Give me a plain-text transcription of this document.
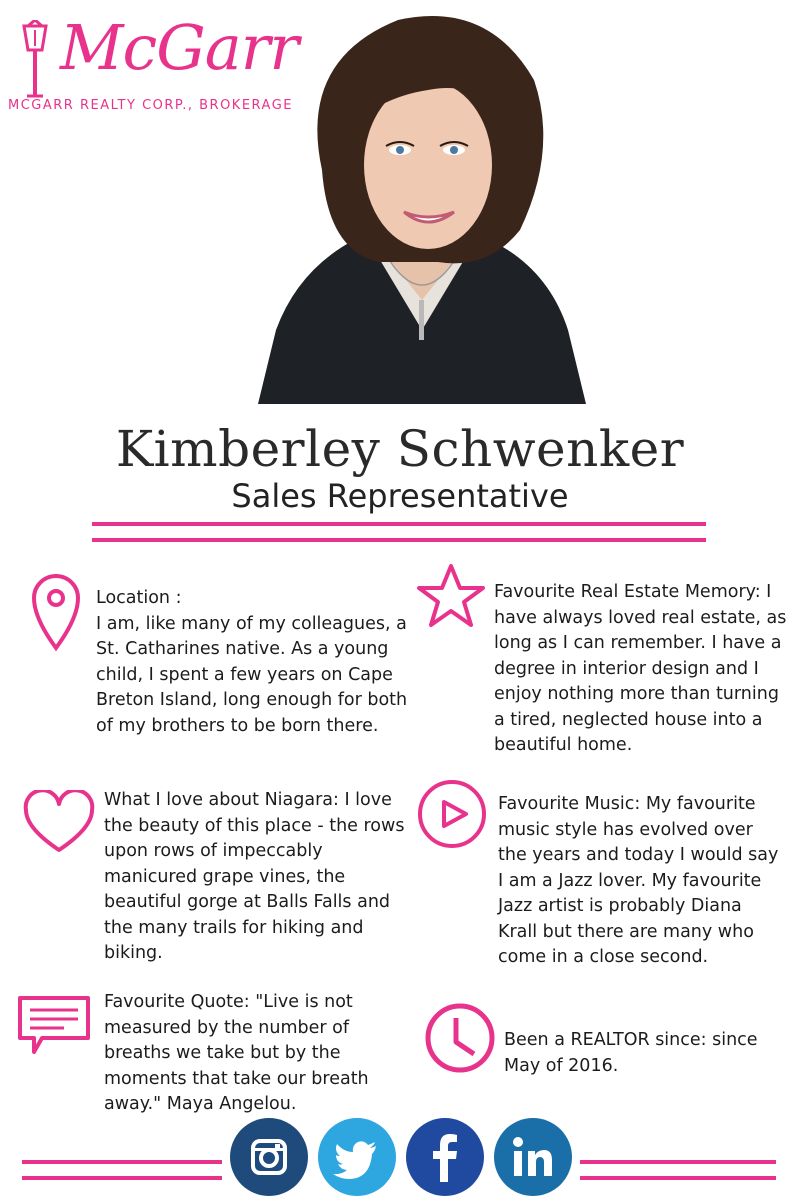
McGarr
MCGARR REALTY CORP., BROKERAGE
Kimberley Schwenker
Sales Representative
Location :
I am, like many of my colleagues, a St. Catharines native. As a young child, I spent a few years on Cape Breton Island, long enough for both of my brothers to be born there.
Favourite Real Estate Memory: I have always loved real estate, as long as I can remember. I have a degree in interior design and I enjoy nothing more than turning a tired, neglected house into a beautiful home.
What I love about Niagara: I love the beauty of this place - the rows upon rows of impeccably manicured grape vines, the beautiful gorge at Balls Falls and the many trails for hiking and biking.
Favourite Music: My favourite music style has evolved over the years and today I would say I am a Jazz lover. My favourite Jazz artist is probably Diana Krall but there are many who come in a close second.
Favourite Quote: "Live is not measured by the number of breaths we take but by the moments that take our breath away." Maya Angelou.
Been a REALTOR since: since May of 2016.
